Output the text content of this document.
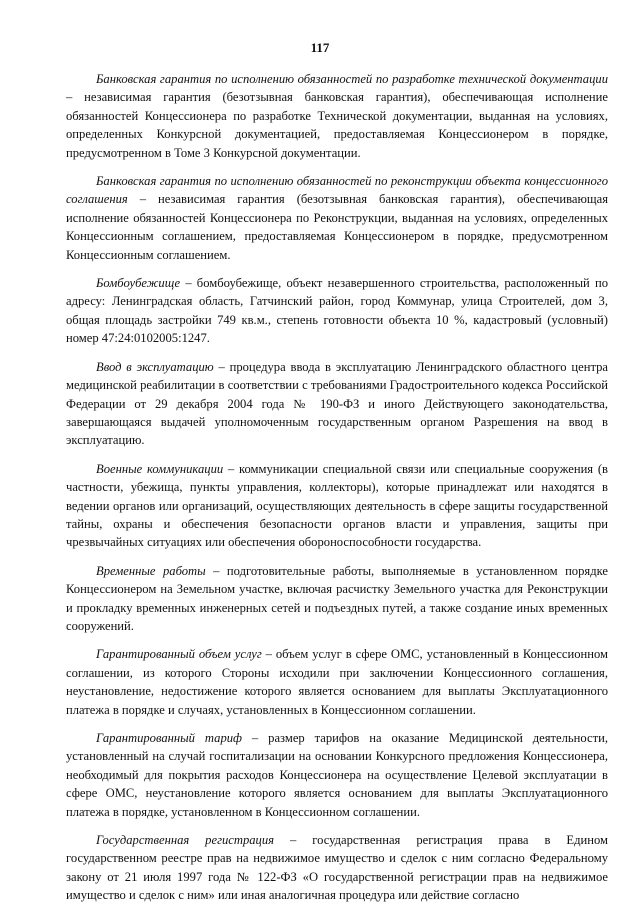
117

Банковская гарантия по исполнению обязанностей по разработке технической документации – независимая гарантия (безотзывная банковская гарантия), обеспечивающая исполнение обязанностей Концессионера по разработке Технической документации, выданная на условиях, определенных Конкурсной документацией, предоставляемая Концессионером в порядке, предусмотренном в Томе 3 Конкурсной документации.

Банковская гарантия по исполнению обязанностей по реконструкции объекта концессионного соглашения – независимая гарантия (безотзывная банковская гарантия), обеспечивающая исполнение обязанностей Концессионера по Реконструкции, выданная на условиях, определенных Концессионным соглашением, предоставляемая Концессионером в порядке, предусмотренном Концессионным соглашением.

Бомбоубежище – бомбоубежище, объект незавершенного строительства, расположенный по адресу: Ленинградская область, Гатчинский район, город Коммунар, улица Строителей, дом 3, общая площадь застройки 749 кв.м., степень готовности объекта 10 %, кадастровый (условный) номер 47:24:0102005:1247.

Ввод в эксплуатацию – процедура ввода в эксплуатацию Ленинградского областного центра медицинской реабилитации в соответствии с требованиями Градостроительного кодекса Российской Федерации от 29 декабря 2004 года № 190-ФЗ и иного Действующего законодательства, завершающаяся выдачей уполномоченным государственным органом Разрешения на ввод в эксплуатацию.

Военные коммуникации – коммуникации специальной связи или специальные сооружения (в частности, убежища, пункты управления, коллекторы), которые принадлежат или находятся в ведении органов или организаций, осуществляющих деятельность в сфере защиты государственной тайны, охраны и обеспечения безопасности органов власти и управления, защиты при чрезвычайных ситуациях или обеспечения обороноспособности государства.

Временные работы – подготовительные работы, выполняемые в установленном порядке Концессионером на Земельном участке, включая расчистку Земельного участка для Реконструкции и прокладку временных инженерных сетей и подъездных путей, а также создание иных временных сооружений.

Гарантированный объем услуг – объем услуг в сфере ОМС, установленный в Концессионном соглашении, из которого Стороны исходили при заключении Концессионного соглашения, неустановление, недостижение которого является основанием для выплаты Эксплуатационного платежа в порядке и случаях, установленных в Концессионном соглашении.

Гарантированный тариф – размер тарифов на оказание Медицинской деятельности, установленный на случай госпитализации на основании Конкурсного предложения Концессионера, необходимый для покрытия расходов Концессионера на осуществление Целевой эксплуатации в сфере ОМС, неустановление которого является основанием для выплаты Эксплуатационного платежа в порядке, установленном в Концессионном соглашении.

Государственная регистрация – государственная регистрация права в Едином государственном реестре прав на недвижимое имущество и сделок с ним согласно Федеральному закону от 21 июля 1997 года № 122-ФЗ «О государственной регистрации прав на недвижимое имущество и сделок с ним» или иная аналогичная процедура или действие согласно
